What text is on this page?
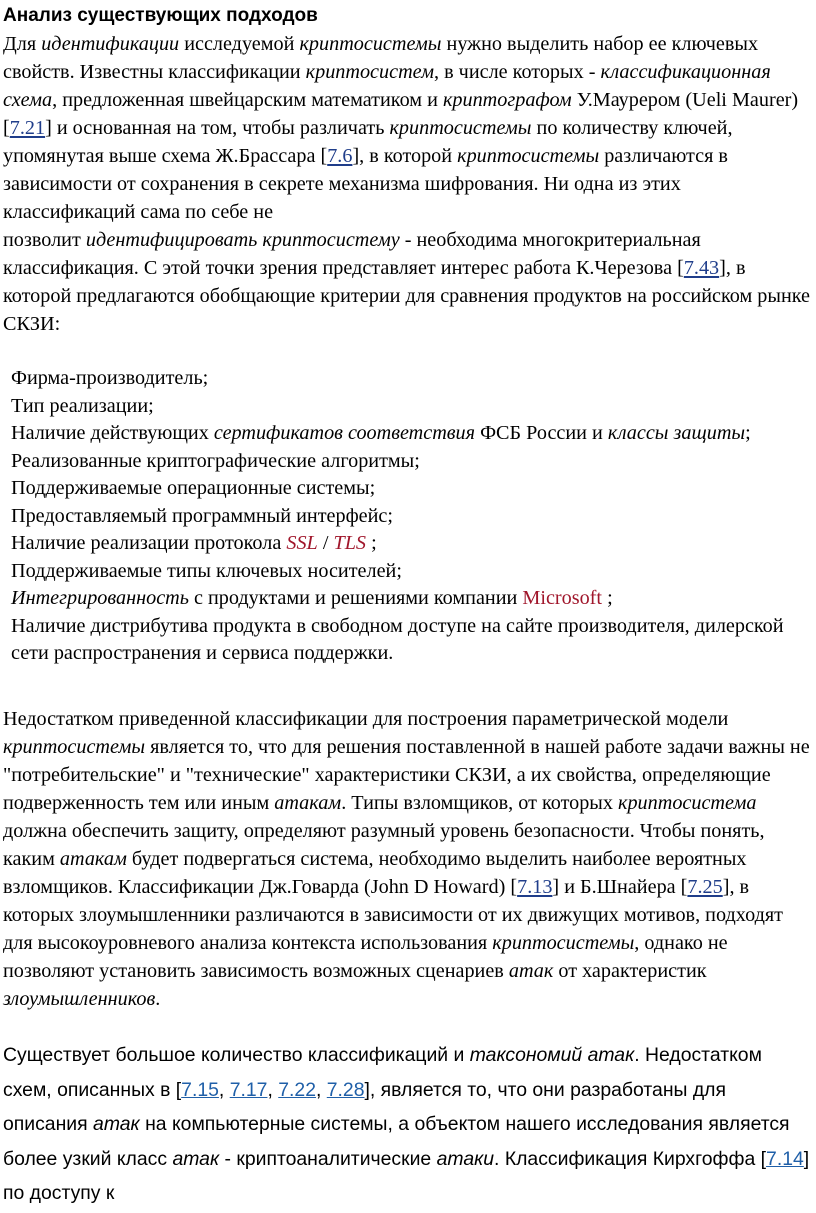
Анализ существующих подходов

Для идентификации исследуемой криптосистемы нужно выделить набор ее ключевых свойств. Известны классификации криптосистем, в числе которых - классификационная схема, предложенная швейцарским математиком и криптографом У.Маурером (Ueli Maurer) [7.21] и основанная на том, чтобы различать криптосистемы по количеству ключей, упомянутая выше схема Ж.Брассара [7.6], в которой криптосистемы различаются в зависимости от сохранения в секрете механизма шифрования. Ни одна из этих классификаций сама по себе не
позволит идентифицировать криптосистему - необходима многокритериальная классификация. С этой точки зрения представляет интерес работа К.Черезова [7.43], в которой предлагаются обобщающие критерии для сравнения продуктов на российском рынке СКЗИ:

Фирма-производитель;
Тип реализации;
Наличие действующих сертификатов соответствия ФСБ России и классы защиты;
Реализованные криптографические алгоритмы;
Поддерживаемые операционные системы;
Предоставляемый программный интерфейс;
Наличие реализации протокола SSL / TLS ;
Поддерживаемые типы ключевых носителей;
Интегрированность с продуктами и решениями компании Microsoft ;
Наличие дистрибутива продукта в свободном доступе на сайте производителя, дилерской сети распространения и сервиса поддержки.

Недостатком приведенной классификации для построения параметрической модели криптосистемы является то, что для решения поставленной в нашей работе задачи важны не "потребительские" и "технические" характеристики СКЗИ, а их свойства, определяющие подверженность тем или иным атакам. Типы взломщиков, от которых криптосистема должна обеспечить защиту, определяют разумный уровень безопасности. Чтобы понять,
каким атакам будет подвергаться система, необходимо выделить наиболее вероятных взломщиков. Классификации Дж.Говарда (John D Howard) [7.13] и Б.Шнайера [7.25], в которых злоумышленники различаются в зависимости от их движущих мотивов, подходят для высокоуровневого анализа контекста использования криптосистемы, однако не позволяют установить зависимость возможных сценариев атак от характеристик злоумышленников.

Существует большое количество классификаций и таксономий атак. Недостатком схем, описанных в [7.15, 7.17, 7.22, 7.28], является то, что они разработаны для описания атак на компьютерные системы, а объектом нашего исследования является более узкий класс атак - криптоаналитические атаки. Классификация Кирхгоффа [7.14] по доступу к
